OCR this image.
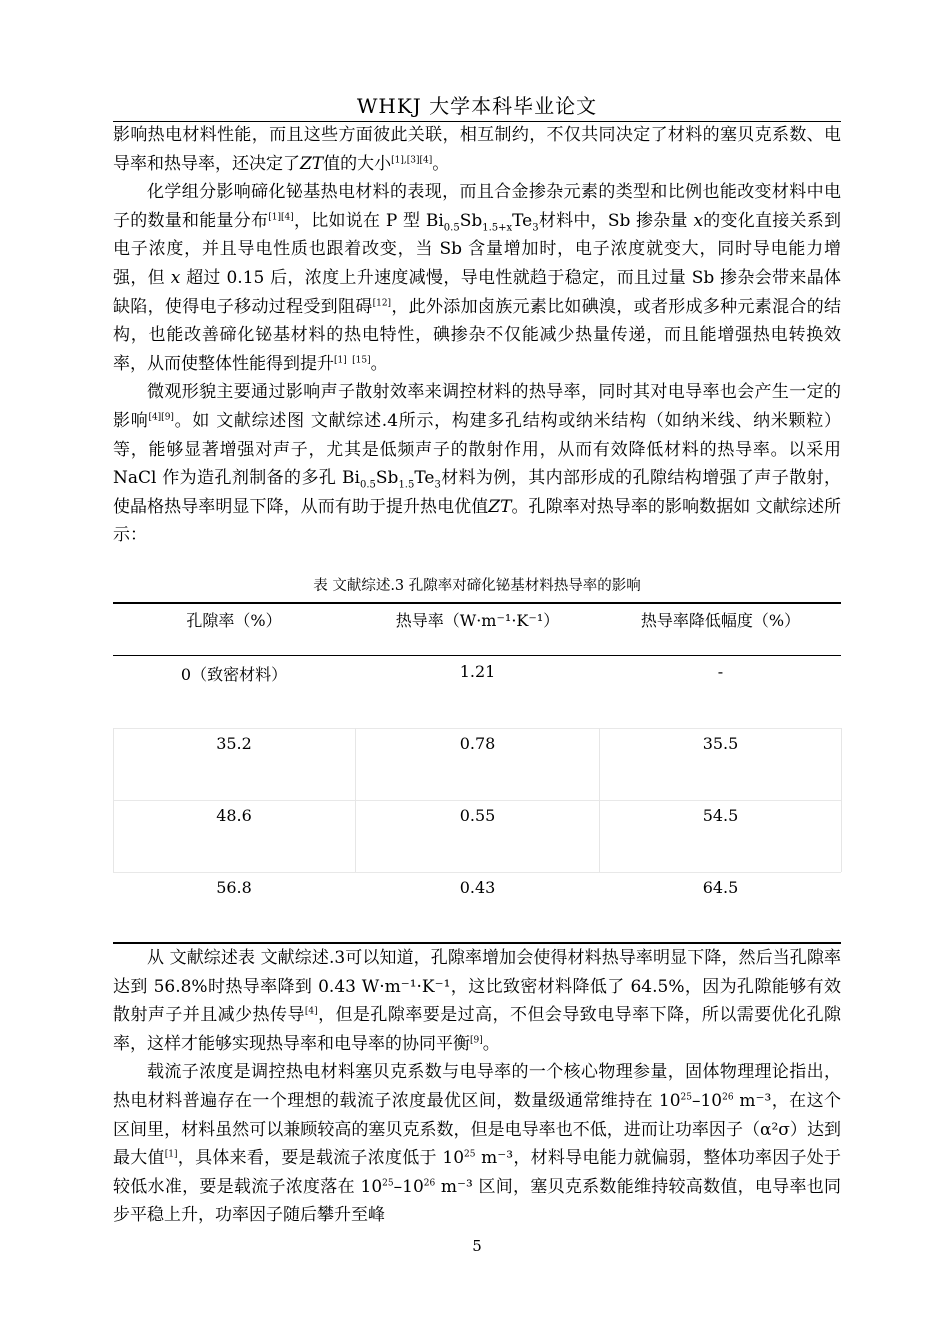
WHKJ 大学本科毕业论文

影响热电材料性能，而且这些方面彼此关联，相互制约，不仅共同决定了材料的塞贝克系数、电导率和热导率，还决定了ZT值的大小[1],[3][4]。

化学组分影响碲化铋基热电材料的表现，而且合金掺杂元素的类型和比例也能改变材料中电子的数量和能量分布[1][4]，比如说在 P 型 $Bi_{0.5}Sb_{1.5+x}Te_3$材料中，Sb 掺杂量 x的变化直接关系到电子浓度，并且导电性质也跟着改变，当 Sb 含量增加时，电子浓度就变大，同时导电能力增强，但 x 超过 0.15 后，浓度上升速度减慢，导电性就趋于稳定，而且过量 Sb 掺杂会带来晶体缺陷，使得电子移动过程受到阻碍[12]，此外添加卤族元素比如碘溴，或者形成多种元素混合的结构，也能改善碲化铋基材料的热电特性，碘掺杂不仅能减少热量传递，而且能增强热电转换效率，从而使整体性能得到提升[1] [15]。

微观形貌主要通过影响声子散射效率来调控材料的热导率，同时其对电导率也会产生一定的影响[4][9]。如 文献综述图 文献综述.4所示，构建多孔结构或纳米结构（如纳米线、纳米颗粒）等，能够显著增强对声子，尤其是低频声子的散射作用，从而有效降低材料的热导率。以采用 NaCl 作为造孔剂制备的多孔 $Bi_{0.5}Sb_{1.5}Te_3$材料为例，其内部形成的孔隙结构增强了声子散射，使晶格热导率明显下降，从而有助于提升热电优值ZT。孔隙率对热导率的影响数据如 文献综述所示：

表 文献综述.3 孔隙率对碲化铋基材料热导率的影响
孔隙率（%）	热导率（W·m⁻¹·K⁻¹）	热导率降低幅度（%）
0（致密材料）	1.21	-
35.2	0.78	35.5
48.6	0.55	54.5
56.8	0.43	64.5

从 文献综述表 文献综述.3可以知道，孔隙率增加会使得材料热导率明显下降，然后当孔隙率达到 56.8%时热导率降到 0.43 W·m⁻¹·K⁻¹，这比致密材料降低了 64.5%，因为孔隙能够有效散射声子并且减少热传导[4]，但是孔隙率要是过高，不但会导致电导率下降，所以需要优化孔隙率，这样才能够实现热导率和电导率的协同平衡[9]。

载流子浓度是调控热电材料塞贝克系数与电导率的一个核心物理参量，固体物理理论指出，热电材料普遍存在一个理想的载流子浓度最优区间，数量级通常维持在 $10^{25}-10^{26}$ m⁻³，在这个区间里，材料虽然可以兼顾较高的塞贝克系数，但是电导率也不低，进而让功率因子（α²σ）达到最大值[1]，具体来看，要是载流子浓度低于 $10^{25}$ m⁻³，材料导电能力就偏弱，整体功率因子处于较低水准，要是载流子浓度落在 $10^{25}-10^{26}$ m⁻³ 区间，塞贝克系数能维持较高数值，电导率也同步平稳上升，功率因子随后攀升至峰

5
